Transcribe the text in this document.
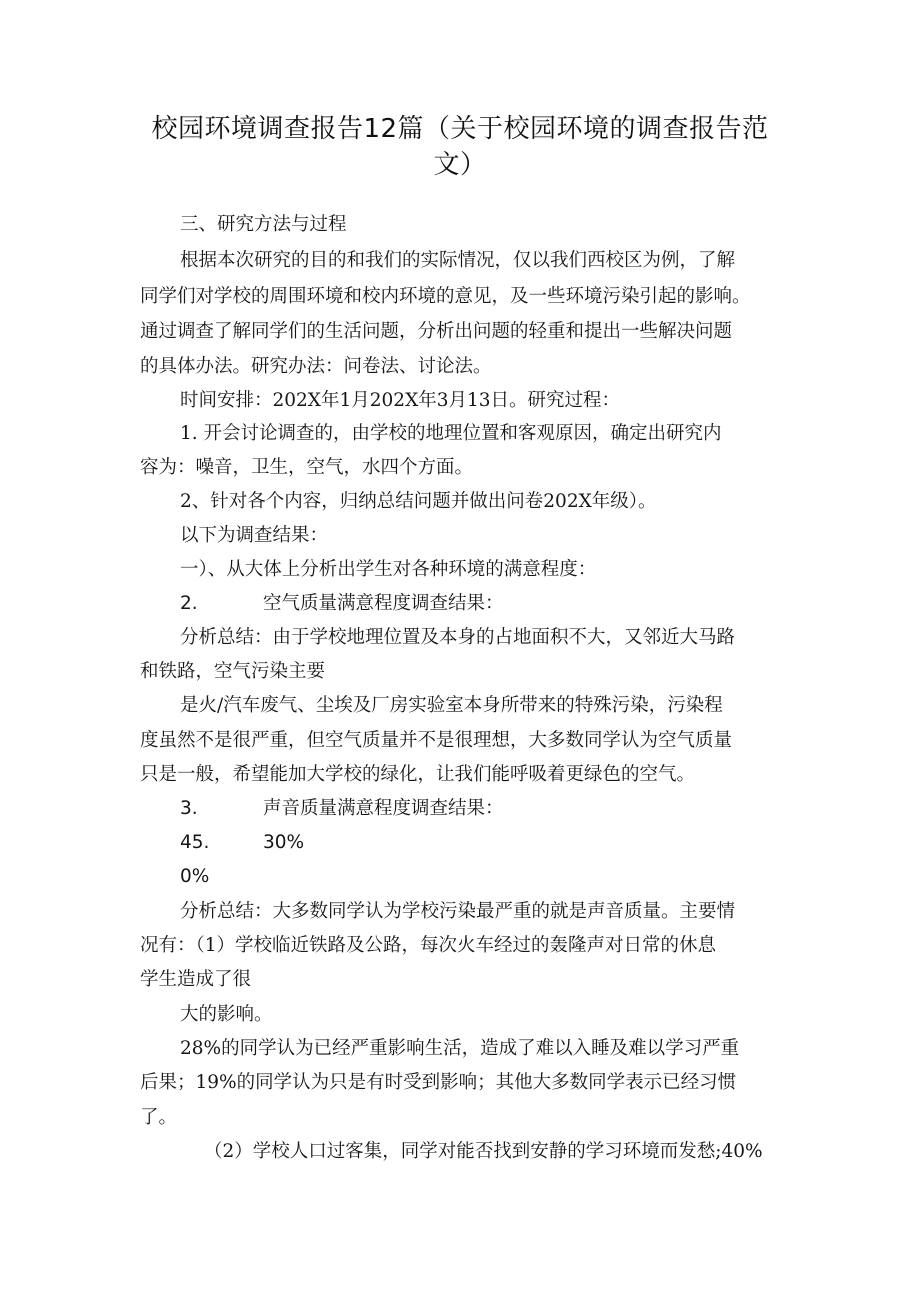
校园环境调查报告12篇（关于校园环境的调查报告范
文）
三、研究方法与过程
根据本次研究的目的和我们的实际情况，仅以我们西校区为例，了解
同学们对学校的周围环境和校内环境的意见，及一些环境污染引起的影响。
通过调查了解同学们的生活问题，分析出问题的轻重和提出一些解决问题
的具体办法。研究办法：问卷法、讨论法。
时间安排：202X年1月202X年3月13日。研究过程：
1. 开会讨论调查的，由学校的地理位置和客观原因，确定出研究内
容为：噪音，卫生，空气，水四个方面。
2、针对各个内容，归纳总结问题并做出问卷202X年级）。
以下为调查结果：
一）、从大体上分析出学生对各种环境的满意程度：
2.	空气质量满意程度调查结果：
分析总结：由于学校地理位置及本身的占地面积不大，又邻近大马路
和铁路，空气污染主要
是火/汽车废气、尘埃及厂房实验室本身所带来的特殊污染，污染程
度虽然不是很严重，但空气质量并不是很理想，大多数同学认为空气质量
只是一般，希望能加大学校的绿化，让我们能呼吸着更绿色的空气。
3.	声音质量满意程度调查结果：
45.	30%
0%
分析总结：大多数同学认为学校污染最严重的就是声音质量。主要情
况有：（1）学校临近铁路及公路，每次火车经过的轰隆声对日常的休息
学生造成了很
大的影响。
28%的同学认为已经严重影响生活，造成了难以入睡及难以学习严重
后果；19%的同学认为只是有时受到影响；其他大多数同学表示已经习惯
了。
（2）学校人口过客集，同学对能否找到安静的学习环境而发愁;40%
